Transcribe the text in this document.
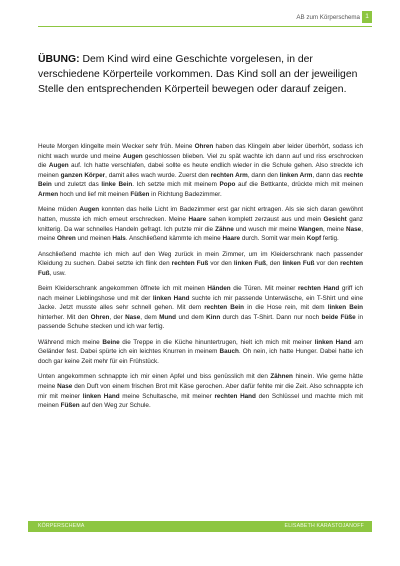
AB zum Körperschema 1
ÜBUNG: Dem Kind wird eine Geschichte vorgelesen, in der verschiedene Körperteile vorkommen. Das Kind soll an der jeweiligen Stelle den entsprechenden Körperteil bewegen oder darauf zeigen.

Heute Morgen klingelte mein Wecker sehr früh. Meine Ohren haben das Klingeln aber leider überhört, sodass ich nicht wach wurde und meine Augen geschlossen blieben. Viel zu spät wachte ich dann auf und riss erschrocken die Augen auf. Ich hatte verschlafen, dabei sollte es heute endlich wieder in die Schule gehen. Also streckte ich meinen ganzen Körper, damit alles wach wurde. Zuerst den rechten Arm, dann den linken Arm, dann das rechte Bein und zuletzt das linke Bein. Ich setzte mich mit meinem Popo auf die Bettkante, drückte mich mit meinen Armen hoch und lief mit meinen Füßen in Richtung Badezimmer.

Meine müden Augen konnten das helle Licht im Badezimmer erst gar nicht ertragen. Als sie sich daran gewöhnt hatten, musste ich mich erneut erschrecken. Meine Haare sahen komplett zerzaust aus und mein Gesicht ganz knitterig. Da war schnelles Handeln gefragt. Ich putzte mir die Zähne und wusch mir meine Wangen, meine Nase, meine Ohren und meinen Hals. Anschließend kämmte ich meine Haare durch. Somit war mein Kopf fertig.

Anschließend machte ich mich auf den Weg zurück in mein Zimmer, um im Kleiderschrank nach passender Kleidung zu suchen. Dabei setzte ich flink den rechten Fuß vor den linken Fuß, den linken Fuß vor den rechten Fuß, usw.

Beim Kleiderschrank angekommen öffnete ich mit meinen Händen die Türen. Mit meiner rechten Hand griff ich nach meiner Lieblingshose und mit der linken Hand suchte ich mir passende Unterwäsche, ein T-Shirt und eine Jacke. Jetzt musste alles sehr schnell gehen. Mit dem rechten Bein in die Hose rein, mit dem linken Bein hinterher. Mit den Ohren, der Nase, dem Mund und dem Kinn durch das T-Shirt. Dann nur noch beide Füße in passende Schuhe stecken und ich war fertig.

Während mich meine Beine die Treppe in die Küche hinuntertrugen, hielt ich mich mit meiner linken Hand am Geländer fest. Dabei spürte ich ein leichtes Knurren in meinem Bauch. Oh nein, ich hatte Hunger. Dabei hatte ich doch gar keine Zeit mehr für ein Frühstück.

Unten angekommen schnappte ich mir einen Apfel und biss genüsslich mit den Zähnen hinein. Wie gerne hätte meine Nase den Duft von einem frischen Brot mit Käse gerochen. Aber dafür fehlte mir die Zeit. Also schnappte ich mir mit meiner linken Hand meine Schultasche, mit meiner rechten Hand den Schlüssel und machte mich mit meinen Füßen auf den Weg zur Schule.

KÖRPERSCHEMA	ELISABETH KARASTOJANOFF
